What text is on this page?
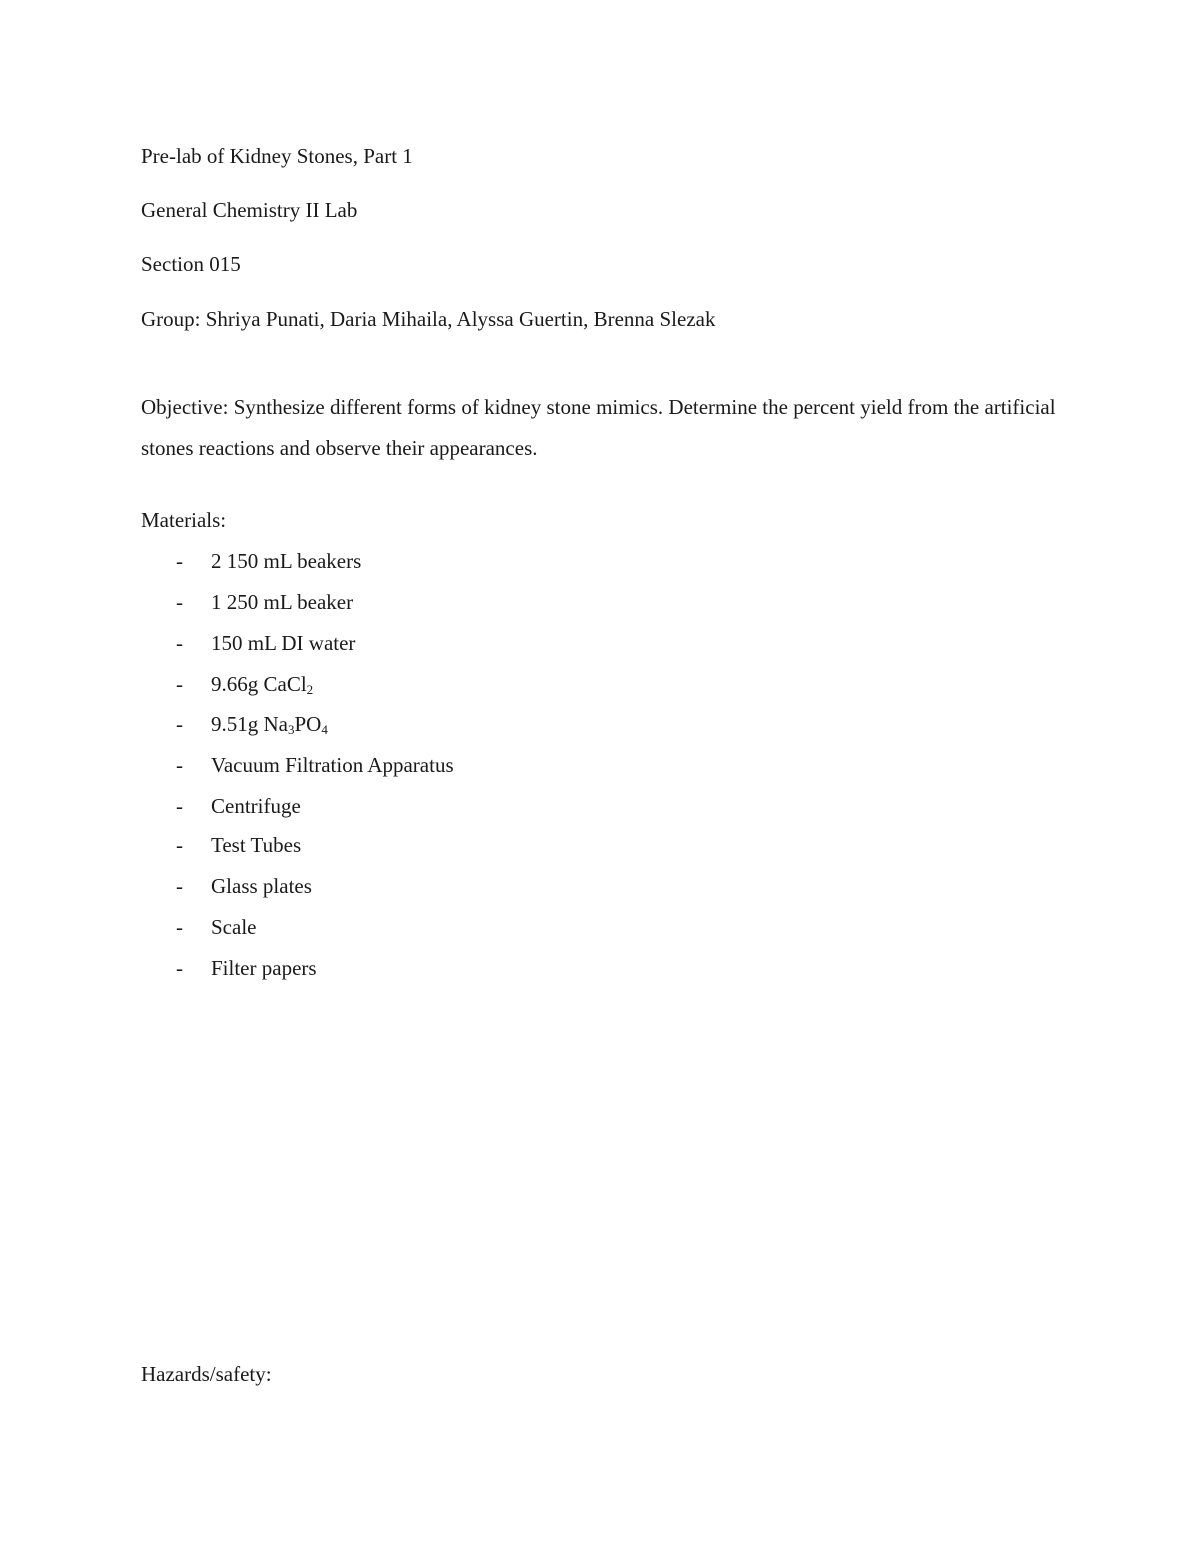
Pre-lab of Kidney Stones, Part 1
General Chemistry II Lab
Section 015
Group: Shriya Punati, Daria Mihaila, Alyssa Guertin, Brenna Slezak
Objective: Synthesize different forms of kidney stone mimics. Determine the percent yield from the artificial stones reactions and observe their appearances.
Materials:
- 2 150 mL beakers
- 1 250 mL beaker
- 150 mL DI water
- 9.66g CaCl$_2$
- 9.51g $Na_3PO_4$
- Vacuum Filtration Apparatus
- Centrifuge
- Test Tubes
- Glass plates
- Scale
- Filter papers
Hazards/safety:
